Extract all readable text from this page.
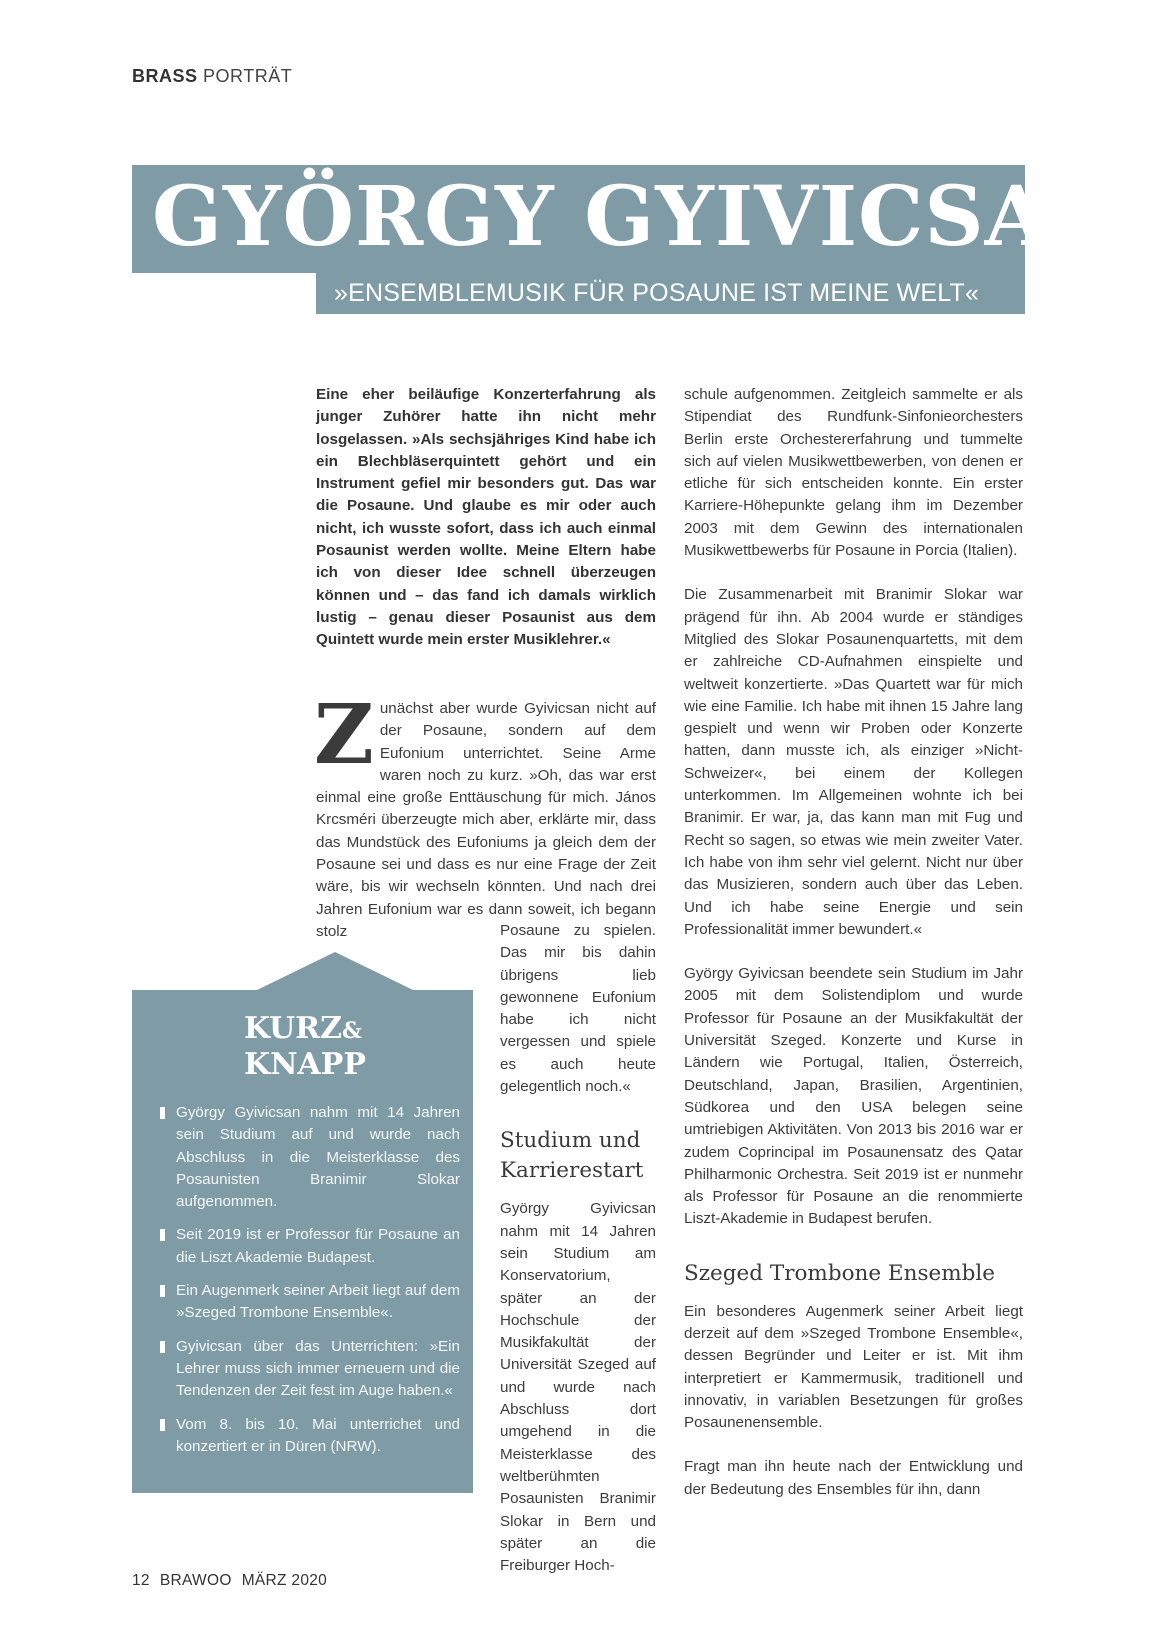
BRASS PORTRÄT
GYÖRGY GYIVICSAN
»ENSEMBLEMUSIK FÜR POSAUNE IST MEINE WELT«

Eine eher beiläufige Konzerterfahrung als junger Zuhörer hatte ihn nicht mehr losgelassen. »Als sechsjähriges Kind habe ich ein Blechbläserquintett gehört und ein Instrument gefiel mir besonders gut. Das war die Posaune. Und glaube es mir oder auch nicht, ich wusste sofort, dass ich auch einmal Posaunist werden wollte. Meine Eltern habe ich von dieser Idee schnell überzeugen können und – das fand ich damals wirklich lustig – genau dieser Posaunist aus dem Quintett wurde mein erster Musiklehrer.«

Z unächst aber wurde Gyivicsan nicht auf der Posaune, sondern auf dem Eufonium unterrichtet. Seine Arme waren noch zu kurz. »Oh, das war erst einmal eine große Enttäuschung für mich. János Krcsméri überzeugte mich aber, erklärte mir, dass das Mundstück des Eufoniums ja gleich dem der Posaune sei und dass es nur eine Frage der Zeit wäre, bis wir wechseln könnten. Und nach drei Jahren Eufonium war es dann soweit, ich begann stolz	Posaune zu spielen. Das mir bis dahin übrigens lieb gewonnene Eufonium habe ich nicht vergessen und spiele es auch heute gelegentlich noch.«

Studium und Karrierestart

György Gyivicsan nahm mit 14 Jahren sein Studium am Konservatorium, später an der Hochschule der Musikfakultät der Universität Szeged auf und wurde nach Abschluss dort umgehend in die Meisterklasse des weltberühmten Posaunisten Branimir Slokar in Bern und später an die Freiburger Hoch-

schule aufgenommen. Zeitgleich sammelte er als Stipendiat des Rundfunk-Sinfonieorchesters Berlin erste Orchestererfahrung und tummelte sich auf vielen Musikwettbewerben, von denen er etliche für sich entscheiden konnte. Ein erster Karriere-Höhepunkte gelang ihm im Dezember 2003 mit dem Gewinn des internationalen Musikwettbewerbs für Posaune in Porcia (Italien).

Die Zusammenarbeit mit Branimir Slokar war prägend für ihn. Ab 2004 wurde er ständiges Mitglied des Slokar Posaunenquartetts, mit dem er zahlreiche CD-Aufnahmen einspielte und weltweit konzertierte. »Das Quartett war für mich wie eine Familie. Ich habe mit ihnen 15 Jahre lang gespielt und wenn wir Proben oder Konzerte hatten, dann musste ich, als einziger »Nicht-Schweizer«, bei einem der Kollegen unterkommen. Im Allgemeinen wohnte ich bei Branimir. Er war, ja, das kann man mit Fug und Recht so sagen, so etwas wie mein zweiter Vater. Ich habe von ihm sehr viel gelernt. Nicht nur über das Musizieren, sondern auch über das Leben. Und ich habe seine Energie und sein Professionalität immer bewundert.«

György Gyivicsan beendete sein Studium im Jahr 2005 mit dem Solistendiplom und wurde Professor für Posaune an der Musikfakultät der Universität Szeged. Konzerte und Kurse in Ländern wie Portugal, Italien, Österreich, Deutschland, Japan, Brasilien, Argentinien, Südkorea und den USA belegen seine umtriebigen Aktivitäten. Von 2013 bis 2016 war er zudem Coprincipal im Posaunensatz des Qatar Philharmonic Orchestra. Seit 2019 ist er nunmehr als Professor für Posaune an die renommierte Liszt-Akademie in Budapest berufen.

Szeged Trombone Ensemble

Ein besonderes Augenmerk seiner Arbeit liegt derzeit auf dem »Szeged Trombone Ensemble«, dessen Begründer und Leiter er ist. Mit ihm interpretiert er Kammermusik, traditionell und innovativ, in variablen Besetzungen für großes Posaunenensemble.

Fragt man ihn heute nach der Entwicklung und der Bedeutung des Ensembles für ihn, dann

KURZ&
KNAPP
György Gyivicsan nahm mit 14 Jahren sein Studium auf und wurde nach Abschluss in die Meisterklasse des Posaunisten Branimir Slokar aufgenommen.
Seit 2019 ist er Professor für Posaune an die Liszt Akademie Budapest.
Ein Augenmerk seiner Arbeit liegt auf dem »Szeged Trombone Ensemble«.
Gyivicsan über das Unterrichten: »Ein Lehrer muss sich immer erneuern und die Tendenzen der Zeit fest im Auge haben.«
Vom 8. bis 10. Mai unterrichet und konzertiert er in Düren (NRW).
12 BRAWOO MÄRZ 2020
